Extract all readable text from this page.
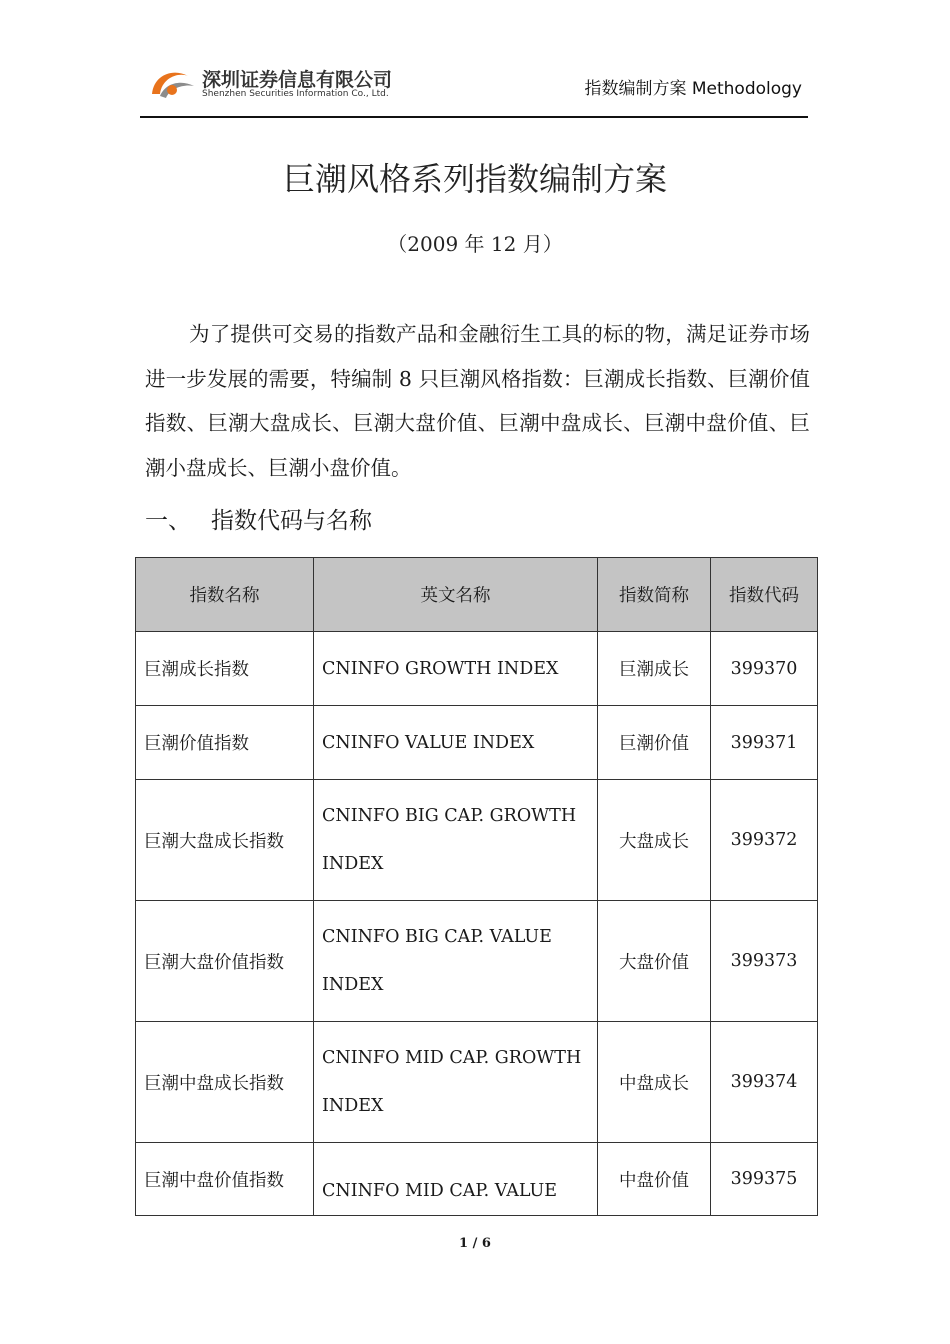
深圳证券信息有限公司
Shenzhen Securities Information Co., Ltd.	指数编制方案 Methodology
巨潮风格系列指数编制方案
（2009 年 12 月）
为了提供可交易的指数产品和金融衍生工具的标的物，满足证券市场进一步发展的需要，特编制 8 只巨潮风格指数：巨潮成长指数、巨潮价值指数、巨潮大盘成长、巨潮大盘价值、巨潮中盘成长、巨潮中盘价值、巨潮小盘成长、巨潮小盘价值。
一、 指数代码与名称
指数名称	英文名称	指数简称	指数代码
巨潮成长指数	CNINFO GROWTH INDEX	巨潮成长	399370
巨潮价值指数	CNINFO VALUE INDEX	巨潮价值	399371
巨潮大盘成长指数	CNINFO BIG CAP. GROWTH INDEX	大盘成长	399372
巨潮大盘价值指数	CNINFO BIG CAP. VALUE INDEX	大盘价值	399373
巨潮中盘成长指数	CNINFO MID CAP. GROWTH INDEX	中盘成长	399374
巨潮中盘价值指数	CNINFO MID CAP. VALUE	中盘价值	399375
1 / 6
